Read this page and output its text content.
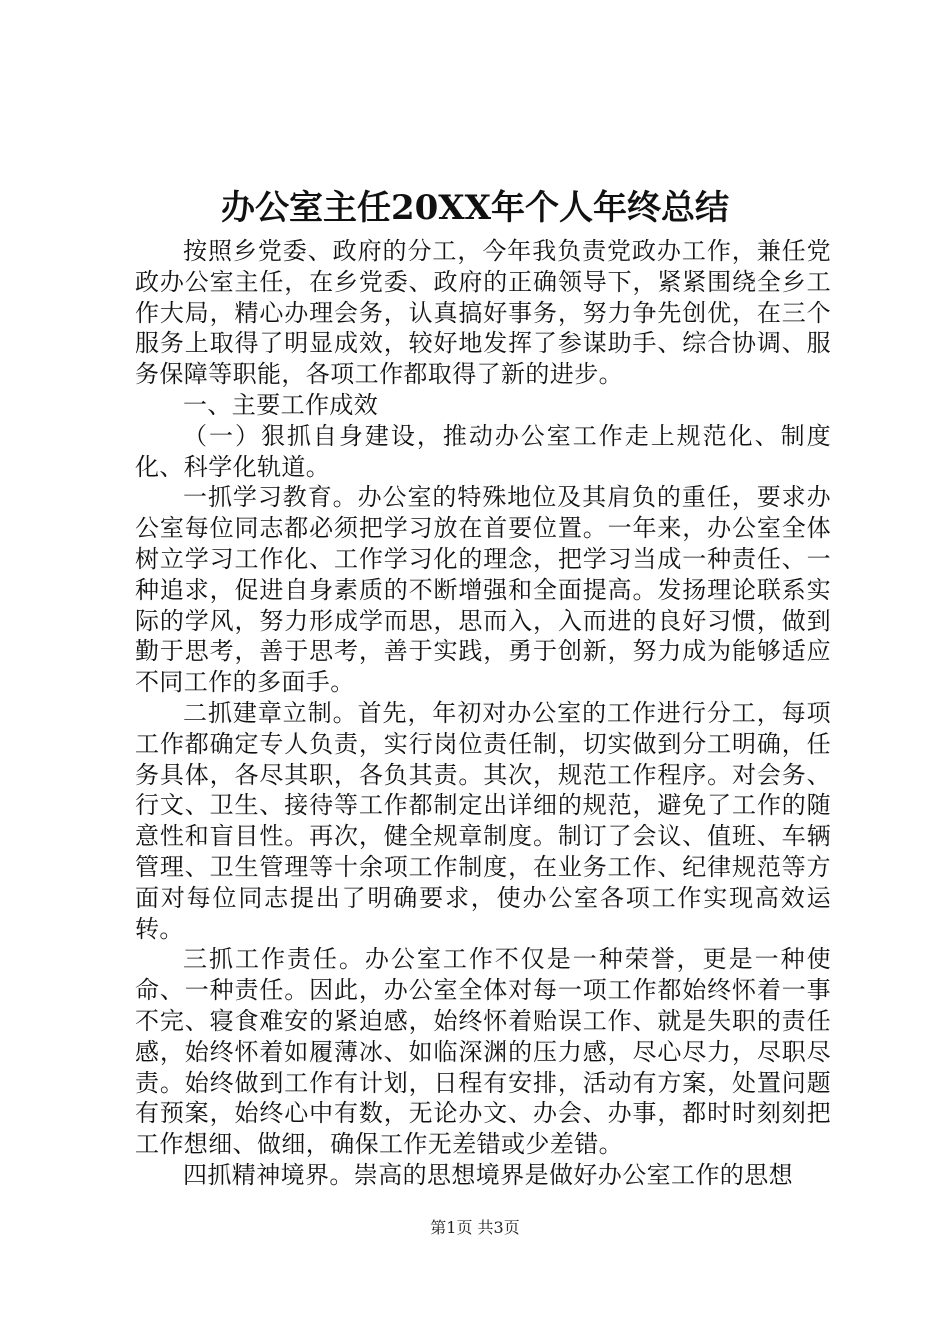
办公室主任20XX年个人年终总结

按照乡党委、政府的分工，今年我负责党政办工作，兼任党政办公室主任，在乡党委、政府的正确领导下，紧紧围绕全乡工作大局，精心办理会务，认真搞好事务，努力争先创优，在三个服务上取得了明显成效，较好地发挥了参谋助手、综合协调、服务保障等职能，各项工作都取得了新的进步。

一、主要工作成效

（一）狠抓自身建设，推动办公室工作走上规范化、制度化、科学化轨道。

一抓学习教育。办公室的特殊地位及其肩负的重任，要求办公室每位同志都必须把学习放在首要位置。一年来，办公室全体树立学习工作化、工作学习化的理念，把学习当成一种责任、一种追求，促进自身素质的不断增强和全面提高。发扬理论联系实际的学风，努力形成学而思，思而入，入而进的良好习惯，做到勤于思考，善于思考，善于实践，勇于创新，努力成为能够适应不同工作的多面手。

二抓建章立制。首先，年初对办公室的工作进行分工，每项工作都确定专人负责，实行岗位责任制，切实做到分工明确，任务具体，各尽其职，各负其责。其次，规范工作程序。对会务、行文、卫生、接待等工作都制定出详细的规范，避免了工作的随意性和盲目性。再次，健全规章制度。制订了会议、值班、车辆管理、卫生管理等十余项工作制度，在业务工作、纪律规范等方面对每位同志提出了明确要求，使办公室各项工作实现高效运转。

三抓工作责任。办公室工作不仅是一种荣誉，更是一种使命、一种责任。因此，办公室全体对每一项工作都始终怀着一事不完、寝食难安的紧迫感，始终怀着贻误工作、就是失职的责任感，始终怀着如履薄冰、如临深渊的压力感，尽心尽力，尽职尽责。始终做到工作有计划，日程有安排，活动有方案，处置问题有预案，始终心中有数，无论办文、办会、办事，都时时刻刻把工作想细、做细，确保工作无差错或少差错。

四抓精神境界。崇高的思想境界是做好办公室工作的思想

第1页 共3页
